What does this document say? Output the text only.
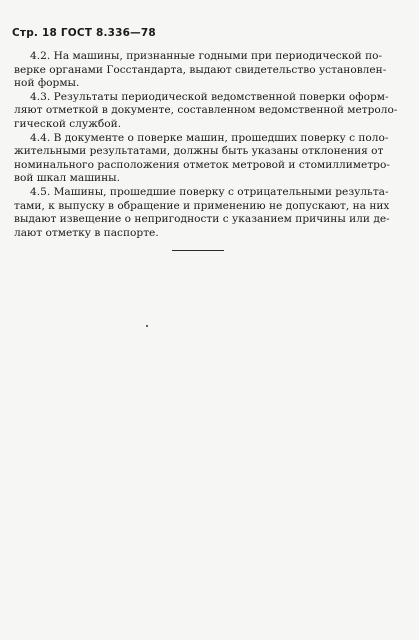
Стр. 18 ГОСТ 8.336—78

4.2. На машины, признанные годными при периодической по-
верке органами Госстандарта, выдают свидетельство установлен-
ной формы.

4.3. Результаты периодической ведомственной поверки оформ-
ляют отметкой в документе, составленном ведомственной метроло-
гической службой.

4.4. В документе о поверке машин, прошедших поверку с поло-
жительными результатами, должны быть указаны отклонения от
номинального расположения отметок метровой и стомиллиметро-
вой шкал машины.

4.5. Машины, прошедшие поверку с отрицательными результа-
тами, к выпуску в обращение и применению не допускают, на них
выдают извещение о непригодности с указанием причины или де-
лают отметку в паспорте.
